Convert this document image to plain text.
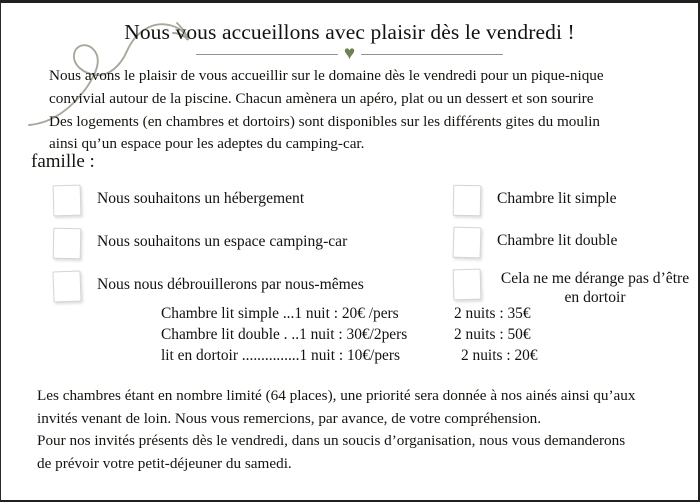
Nous vous accueillons avec plaisir dès le vendredi !
♥
Nous avons le plaisir de vous accueillir sur le domaine dès le vendredi pour un pique-nique
convivial autour de la piscine. Chacun amènera un apéro, plat ou un dessert et son sourire
Des logements (en chambres et dortoirs) sont disponibles sur les différents gites du moulin
ainsi qu’un espace pour les adeptes du camping-car.
famille :
Nous souhaitons un hébergement
Nous souhaitons un espace camping-car
Nous nous débrouillerons par nous-mêmes
Chambre lit simple
Chambre lit double
Cela ne me dérange pas d’être en dortoir
Chambre lit simple ...1 nuit : 20€ /pers	2 nuits : 35€
Chambre lit double . ..1 nuit : 30€/2pers	2 nuits : 50€
lit en dortoir ...............1 nuit : 10€/pers	2 nuits : 20€
Les chambres étant en nombre limité (64 places), une priorité sera donnée à nos ainés ainsi qu’aux
invités venant de loin. Nous vous remercions, par avance, de votre compréhension.
Pour nos invités présents dès le vendredi, dans un soucis d’organisation, nous vous demanderons
de prévoir votre petit-déjeuner du samedi.
